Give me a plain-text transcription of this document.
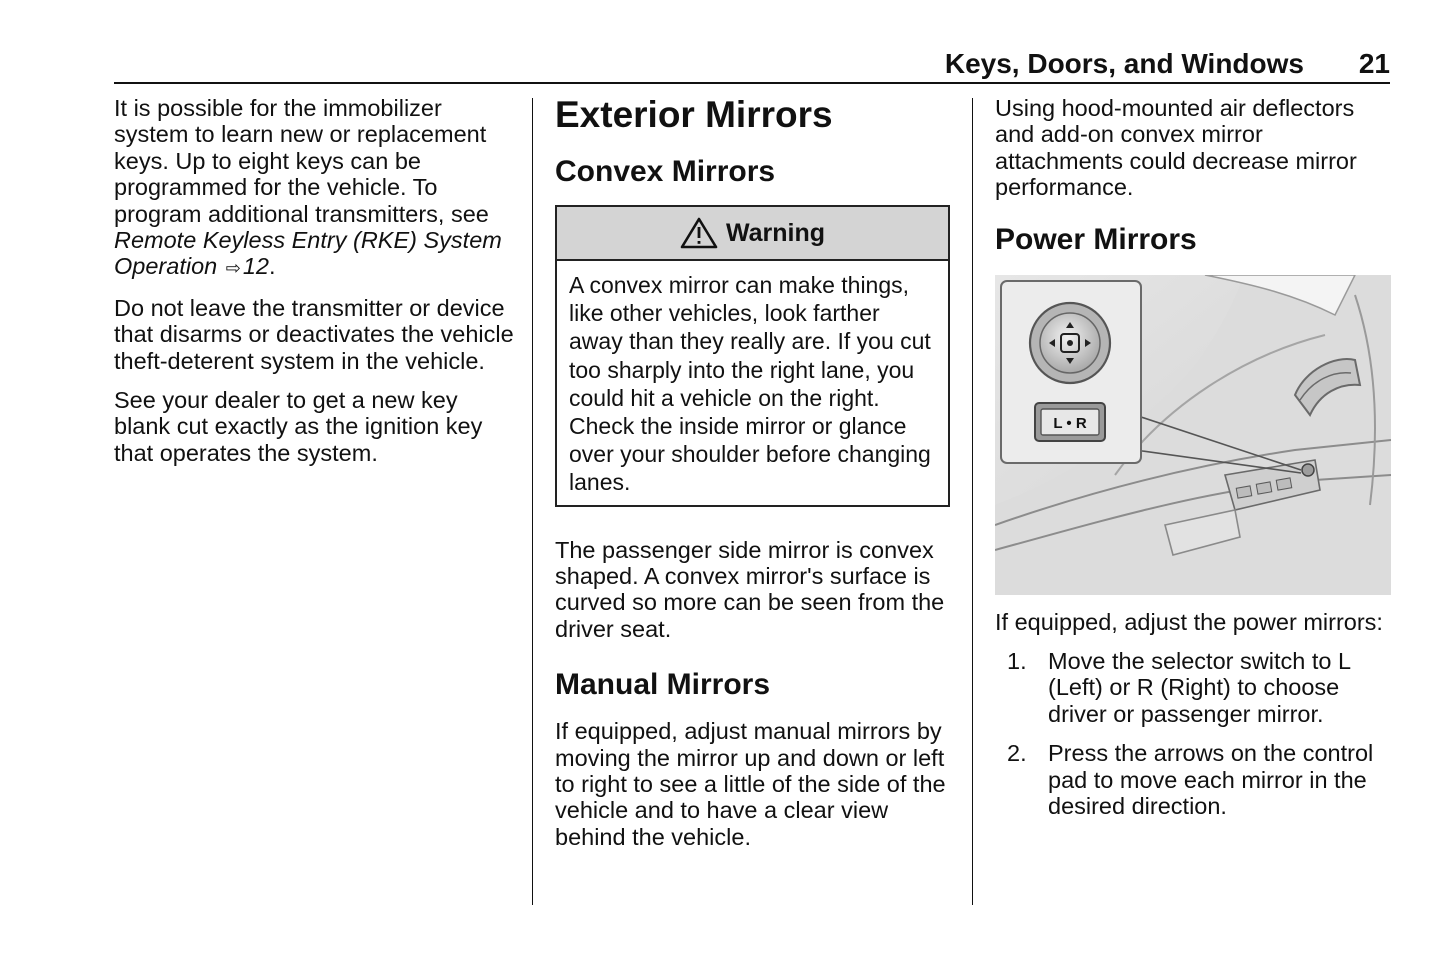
Keys, Doors, and Windows 21

It is possible for the immobilizer system to learn new or replacement keys. Up to eight keys can be programmed for the vehicle. To program additional transmitters, see
Remote Keyless Entry (RKE) System Operation ⇨12.

Do not leave the transmitter or device that disarms or deactivates the vehicle theft-deterent system in the vehicle.

See your dealer to get a new key blank cut exactly as the ignition key that operates the system.

Exterior Mirrors
Convex Mirrors
Warning
A convex mirror can make things, like other vehicles, look farther away than they really are. If you cut too sharply into the right lane, you could hit a vehicle on the right. Check the inside mirror or glance over your shoulder before changing lanes.

The passenger side mirror is convex shaped. A convex mirror's surface is curved so more can be seen from the driver seat.

Manual Mirrors

If equipped, adjust manual mirrors by moving the mirror up and down or left to right to see a little of the side of the vehicle and to have a clear view behind the vehicle.

Using hood-mounted air deflectors and add-on convex mirror attachments could decrease mirror performance.

Power Mirrors
L • R

If equipped, adjust the power mirrors:

1. Move the selector switch to L (Left) or R (Right) to choose driver or passenger mirror.
2. Press the arrows on the control pad to move each mirror in the desired direction.
